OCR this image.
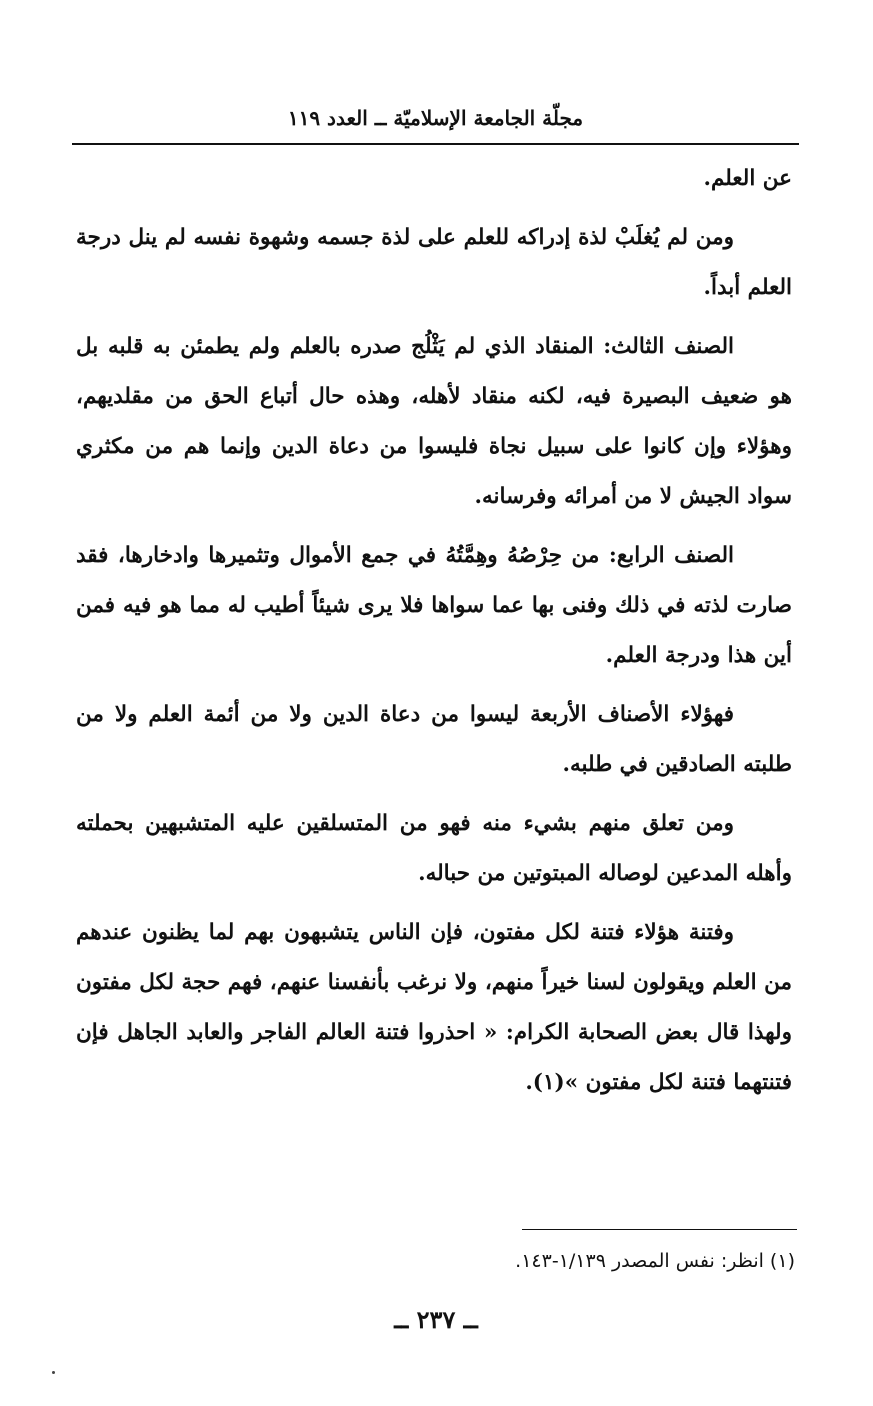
مجلّة الجامعة الإسلاميّة ــ العدد ١١٩

عن العلم.

ومن لم يُغلَبْ لذة إدراكه للعلم على لذة جسمه وشهوة نفسه لم ينل درجة العلم أبداً.

الصنف الثالث: المنقاد الذي لم يَثْلُج صدره بالعلم ولم يطمئن به قلبه بل هو ضعيف البصيرة فيه، لكنه منقاد لأهله، وهذه حال أتباع الحق من مقلديهم، وهؤلاء وإن كانوا على سبيل نجاة فليسوا من دعاة الدين وإنما هم من مكثري سواد الجيش لا من أمرائه وفرسانه.

الصنف الرابع: من حِرْصُهُ وهِمَّتُهُ في جمع الأموال وتثميرها وادخارها، فقد صارت لذته في ذلك وفنى بها عما سواها فلا يرى شيئاً أطيب له مما هو فيه فمن أين هذا ودرجة العلم.

فهؤلاء الأصناف الأربعة ليسوا من دعاة الدين ولا من أئمة العلم ولا من طلبته الصادقين في طلبه.

ومن تعلق منهم بشيء منه فهو من المتسلقين عليه المتشبهين بحملته وأهله المدعين لوصاله المبتوتين من حباله.

وفتنة هؤلاء فتنة لكل مفتون، فإن الناس يتشبهون بهم لما يظنون عندهم من العلم ويقولون لسنا خيراً منهم، ولا نرغب بأنفسنا عنهم، فهم حجة لكل مفتون ولهذا قال بعض الصحابة الكرام: « احذروا فتنة العالم الفاجر والعابد الجاهل فإن فتنتهما فتنة لكل مفتون »(١).

(١) انظر: نفس المصدر ١/١٣٩-١٤٣.
ــ ٢٣٧ ــ
